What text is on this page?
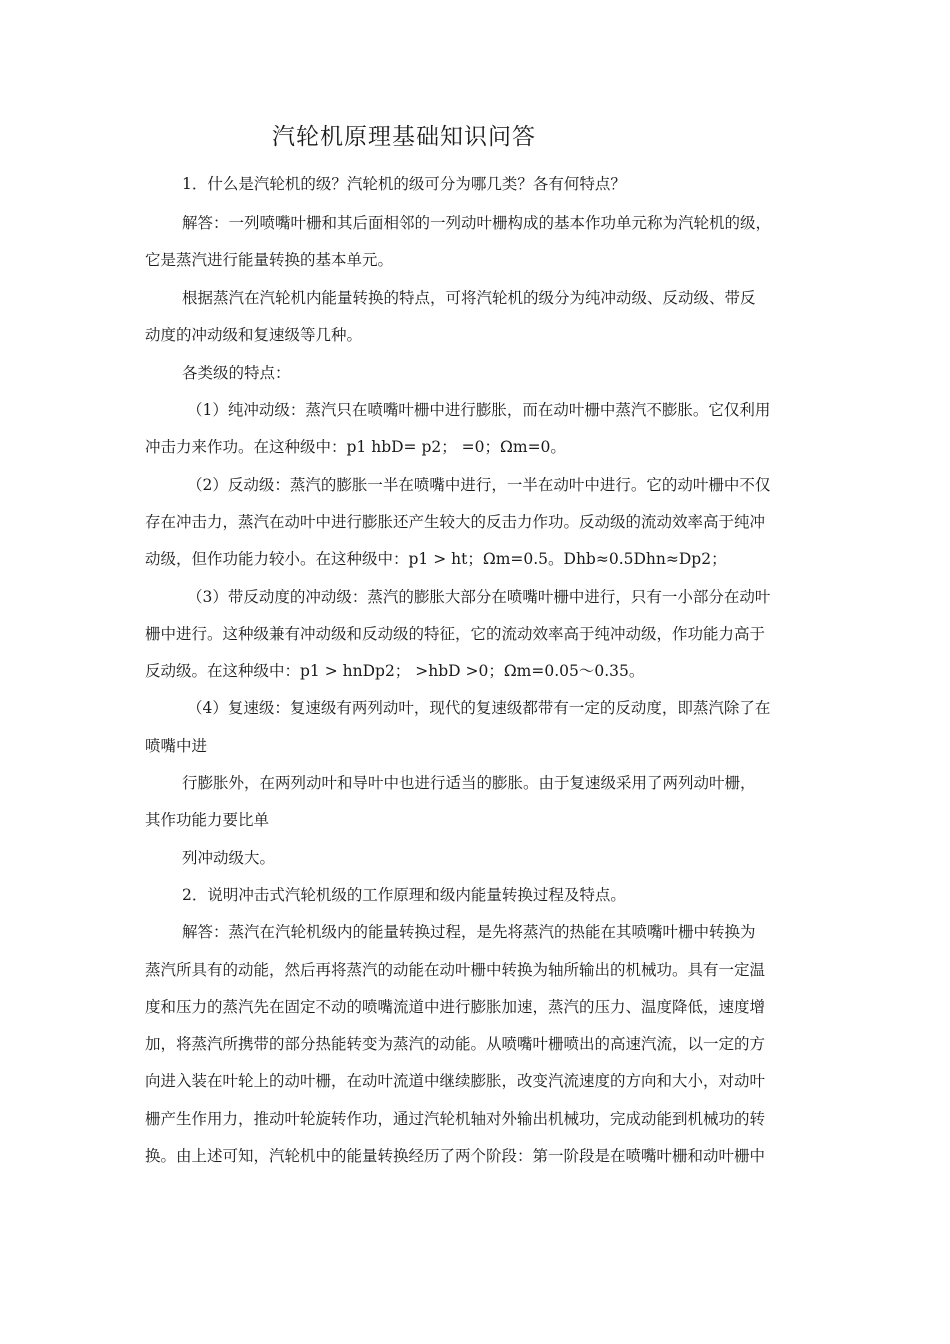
汽轮机原理基础知识问答
1．什么是汽轮机的级？汽轮机的级可分为哪几类？各有何特点？
解答：一列喷嘴叶栅和其后面相邻的一列动叶栅构成的基本作功单元称为汽轮机的级，
它是蒸汽进行能量转换的基本单元。
根据蒸汽在汽轮机内能量转换的特点，可将汽轮机的级分为纯冲动级、反动级、带反
动度的冲动级和复速级等几种。
各类级的特点：
（1）纯冲动级：蒸汽只在喷嘴叶栅中进行膨胀，而在动叶栅中蒸汽不膨胀。它仅利用
冲击力来作功。在这种级中：p1 hbD= p2； =0；Ωm=0。
（2）反动级：蒸汽的膨胀一半在喷嘴中进行，一半在动叶中进行。它的动叶栅中不仅
存在冲击力，蒸汽在动叶中进行膨胀还产生较大的反击力作功。反动级的流动效率高于纯冲
动级，但作功能力较小。在这种级中：p1 > ht；Ωm=0.5。Dhb≈0.5Dhn≈Dp2；
（3）带反动度的冲动级：蒸汽的膨胀大部分在喷嘴叶栅中进行，只有一小部分在动叶
栅中进行。这种级兼有冲动级和反动级的特征，它的流动效率高于纯冲动级，作功能力高于
反动级。在这种级中：p1 > hnDp2； >hbD >0；Ωm=0.05～0.35。
（4）复速级：复速级有两列动叶，现代的复速级都带有一定的反动度，即蒸汽除了在
喷嘴中进
行膨胀外，在两列动叶和导叶中也进行适当的膨胀。由于复速级采用了两列动叶栅，
其作功能力要比单
列冲动级大。
2．说明冲击式汽轮机级的工作原理和级内能量转换过程及特点。
解答：蒸汽在汽轮机级内的能量转换过程，是先将蒸汽的热能在其喷嘴叶栅中转换为
蒸汽所具有的动能，然后再将蒸汽的动能在动叶栅中转换为轴所输出的机械功。具有一定温
度和压力的蒸汽先在固定不动的喷嘴流道中进行膨胀加速，蒸汽的压力、温度降低，速度增
加，将蒸汽所携带的部分热能转变为蒸汽的动能。从喷嘴叶栅喷出的高速汽流，以一定的方
向进入装在叶轮上的动叶栅，在动叶流道中继续膨胀，改变汽流速度的方向和大小，对动叶
栅产生作用力，推动叶轮旋转作功，通过汽轮机轴对外输出机械功，完成动能到机械功的转
换。由上述可知，汽轮机中的能量转换经历了两个阶段：第一阶段是在喷嘴叶栅和动叶栅中
